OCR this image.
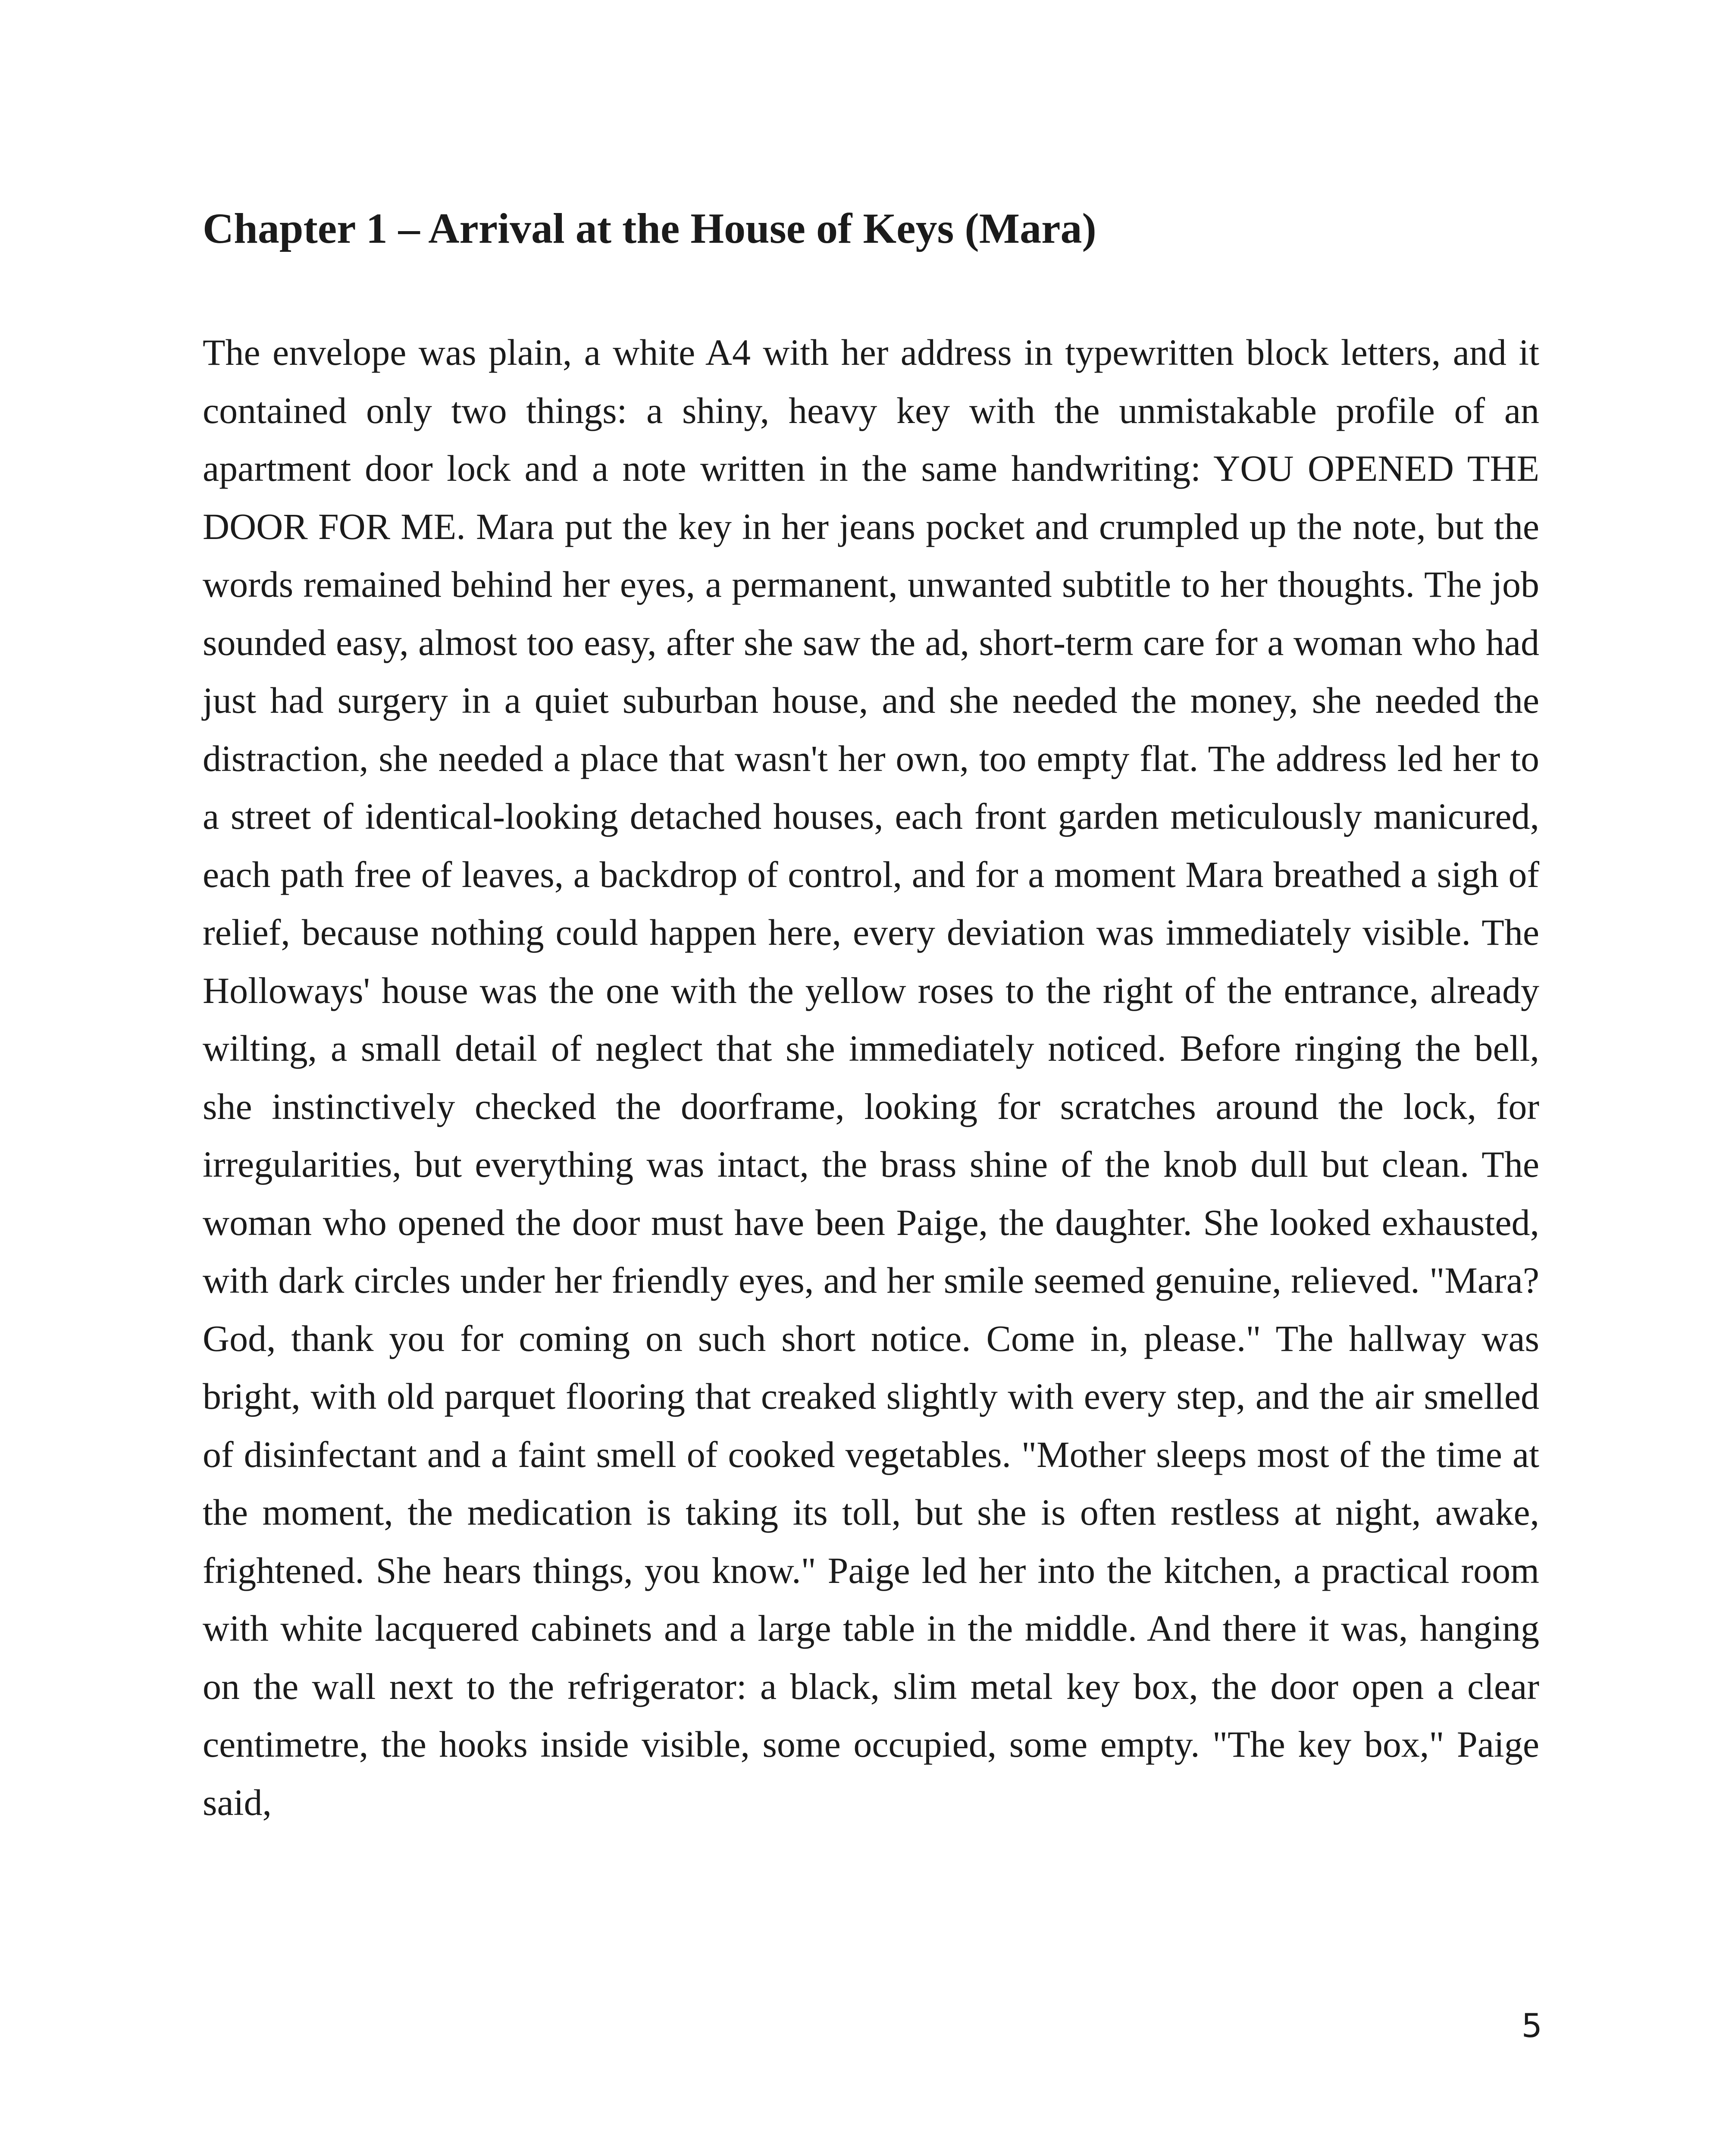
Chapter 1 – Arrival at the House of Keys (Mara)

The envelope was plain, a white A4 with her address in typewritten block letters, and it contained only two things: a shiny, heavy key with the unmistakable profile of an apartment door lock and a note written in the same handwriting: YOU OPENED THE DOOR FOR ME. Mara put the key in her jeans pocket and crumpled up the note, but the words remained behind her eyes, a permanent, unwanted subtitle to her thoughts. The job sounded easy, almost too easy, after she saw the ad, short-term care for a woman who had just had surgery in a quiet suburban house, and she needed the money, she needed the distraction, she needed a place that wasn't her own, too empty flat. The address led her to a street of identical-looking detached houses, each front garden meticulously manicured, each path free of leaves, a backdrop of control, and for a moment Mara breathed a sigh of relief, because nothing could happen here, every deviation was immediately visible. The Holloways' house was the one with the yellow roses to the right of the entrance, already wilting, a small detail of neglect that she immediately noticed. Before ringing the bell, she instinctively checked the doorframe, looking for scratches around the lock, for irregularities, but everything was intact, the brass shine of the knob dull but clean. The woman who opened the door must have been Paige, the daughter. She looked exhausted, with dark circles under her friendly eyes, and her smile seemed genuine, relieved. "Mara? God, thank you for coming on such short notice. Come in, please." The hallway was bright, with old parquet flooring that creaked slightly with every step, and the air smelled of disinfectant and a faint smell of cooked vegetables. "Mother sleeps most of the time at the moment, the medication is taking its toll, but she is often restless at night, awake, frightened. She hears things, you know." Paige led her into the kitchen, a practical room with white lacquered cabinets and a large table in the middle. And there it was, hanging on the wall next to the refrigerator: a black, slim metal key box, the door open a clear centimetre, the hooks inside visible, some occupied, some empty. "The key box," Paige said,

5
